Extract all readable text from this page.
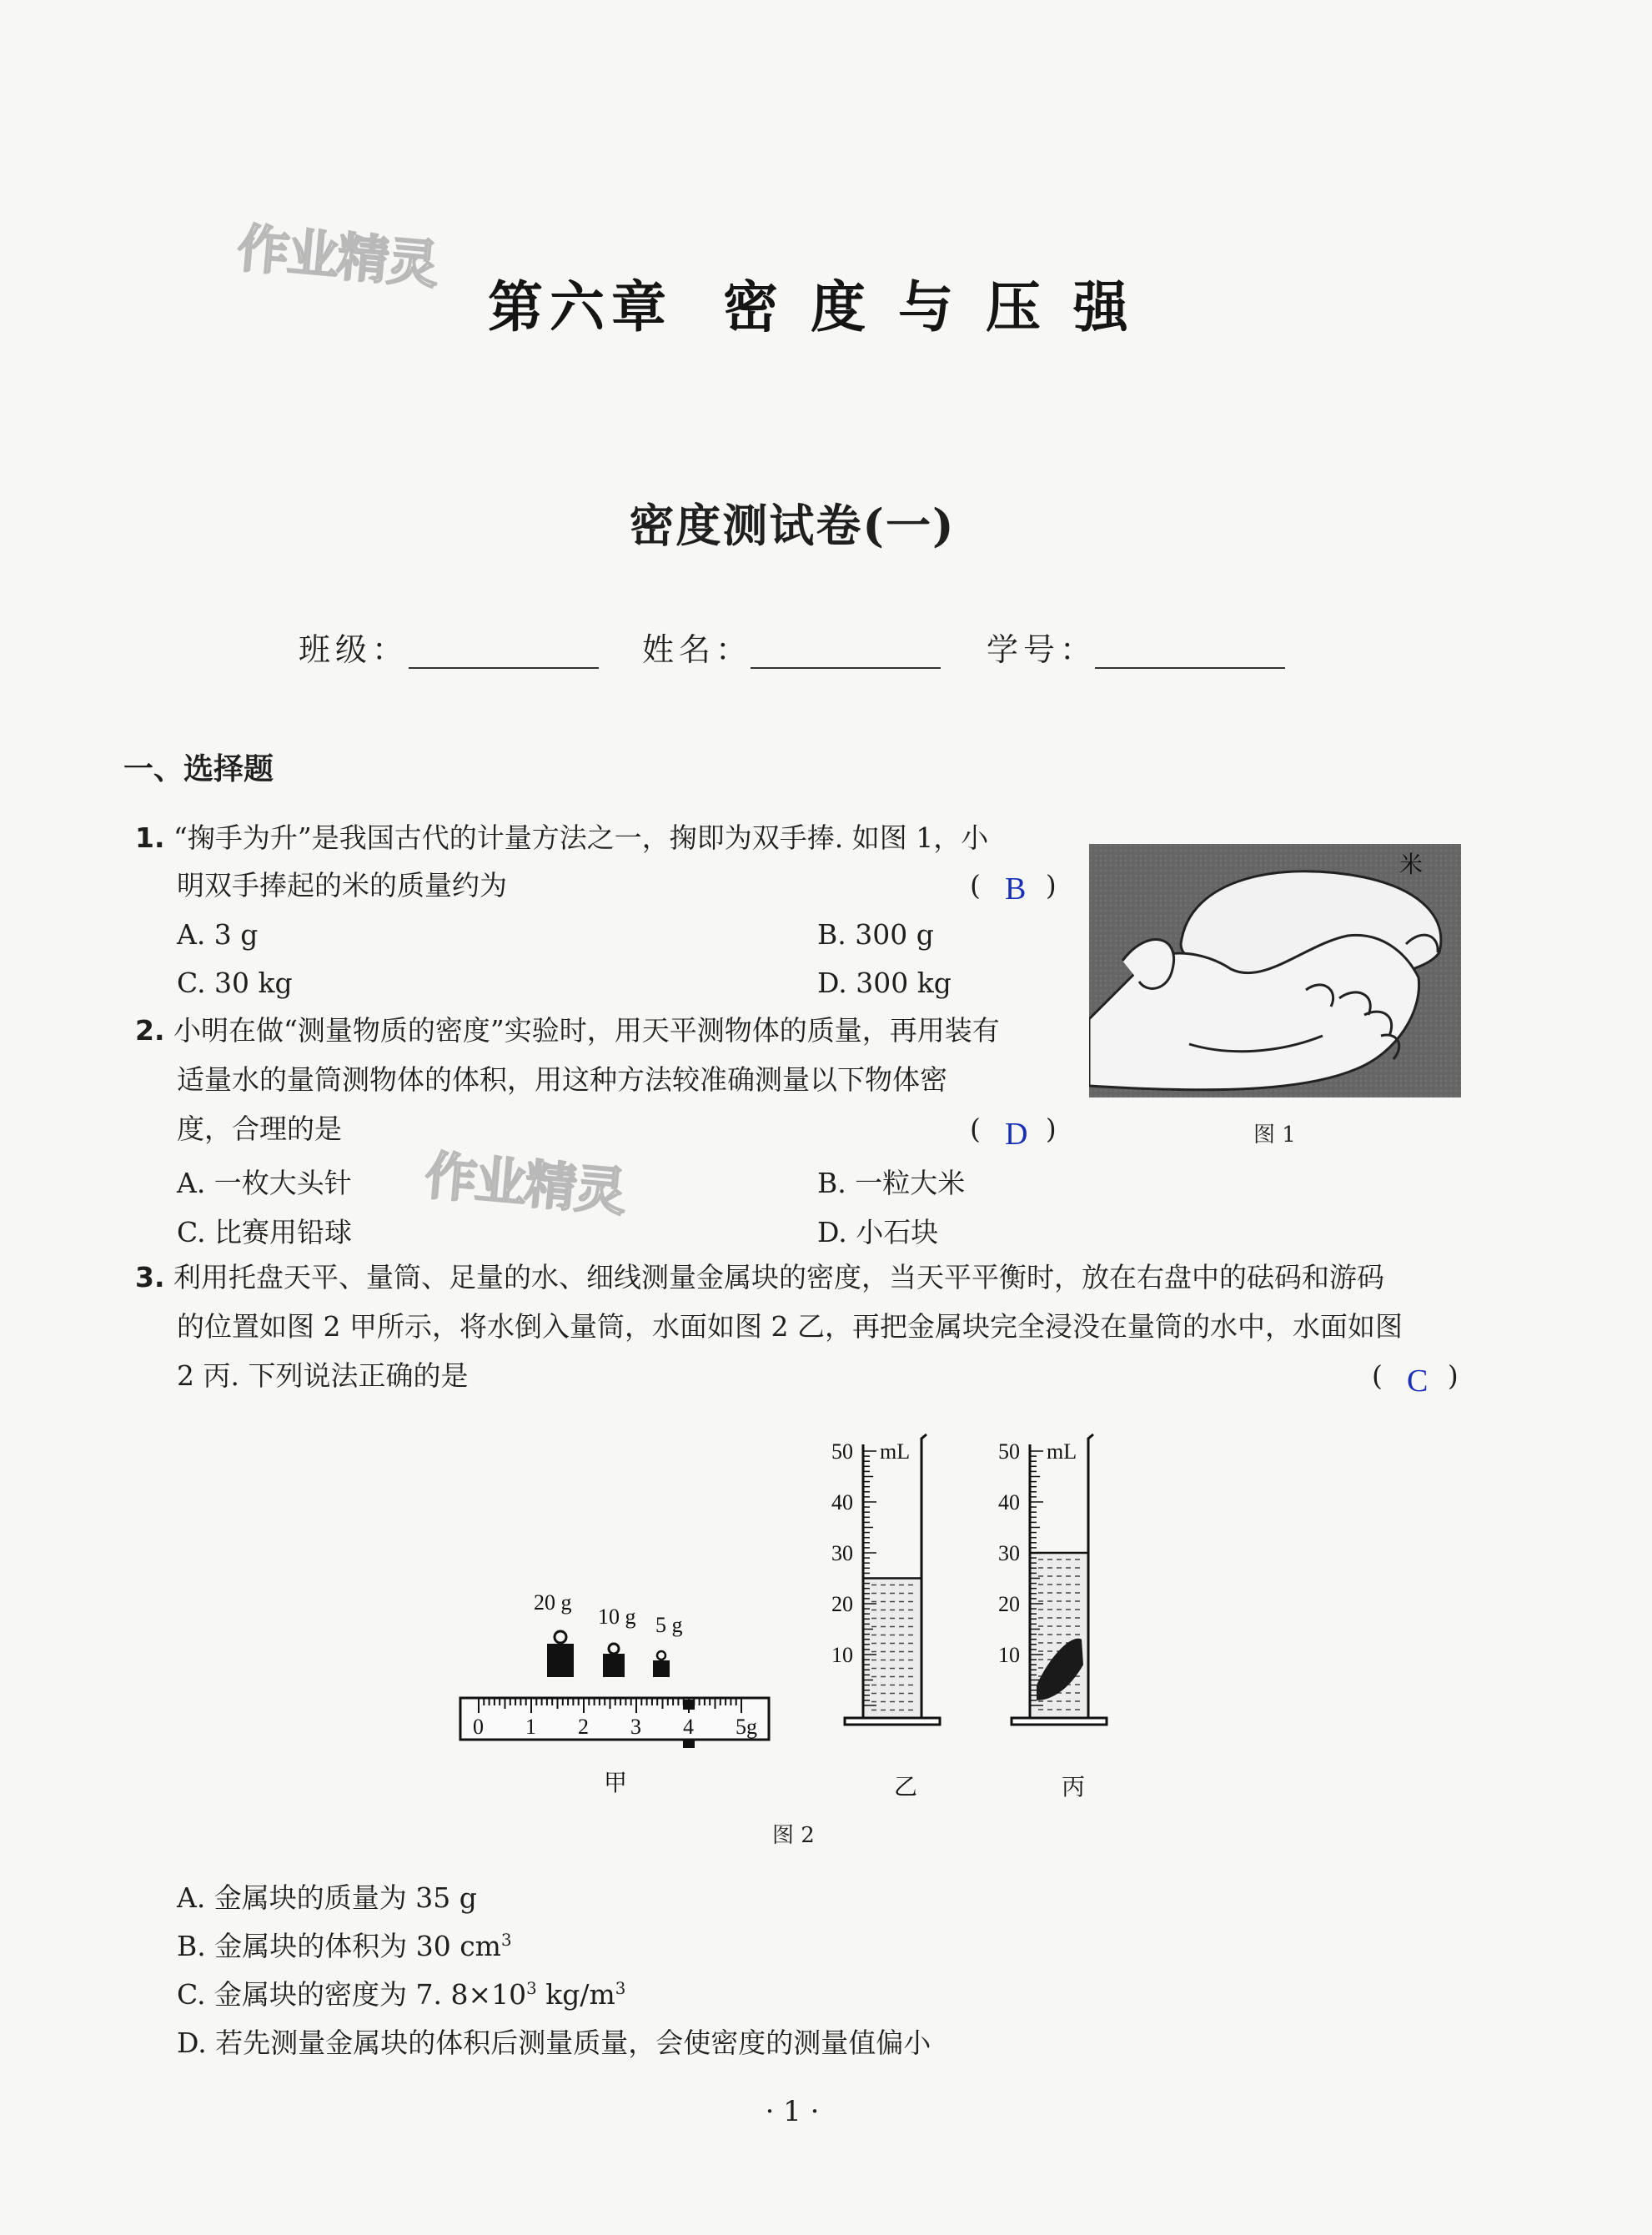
作业精灵
作业精灵
第六章 密 度 与 压 强
密度测试卷(一)
班级：	姓名：	学号：
一、选择题
1. “掬手为升”是我国古代的计量方法之一，掬即为双手捧. 如图 1，小
明双手捧起的米的质量约为	( )
B
A. 3 g	B. 300 g
C. 30 kg	D. 300 kg
米
图 1
2. 小明在做“测量物质的密度”实验时，用天平测物体的质量，再用装有
适量水的量筒测物体的体积，用这种方法较准确测量以下物体密
度，合理的是	( )
D
A. 一枚大头针	B. 一粒大米
C. 比赛用铅球	D. 小石块
3. 利用托盘天平、量筒、足量的水、细线测量金属块的密度，当天平平衡时，放在右盘中的砝码和游码
的位置如图 2 甲所示，将水倒入量筒，水面如图 2 乙，再把金属块完全浸没在量筒的水中，水面如图
2 丙. 下列说法正确的是	( )
C
20 g
10 g 5 g
0 1 2 3 4 5g
甲
mL
50
40
30
20
10
乙
mL
50
40
30
20
10
丙
图 2
A. 金属块的质量为 35 g
B. 金属块的体积为 30 $cm^3$
C. 金属块的密度为 7. $8\times 10^3$ $kg/m^3$
D. 若先测量金属块的体积后测量质量，会使密度的测量值偏小
· 1 ·
